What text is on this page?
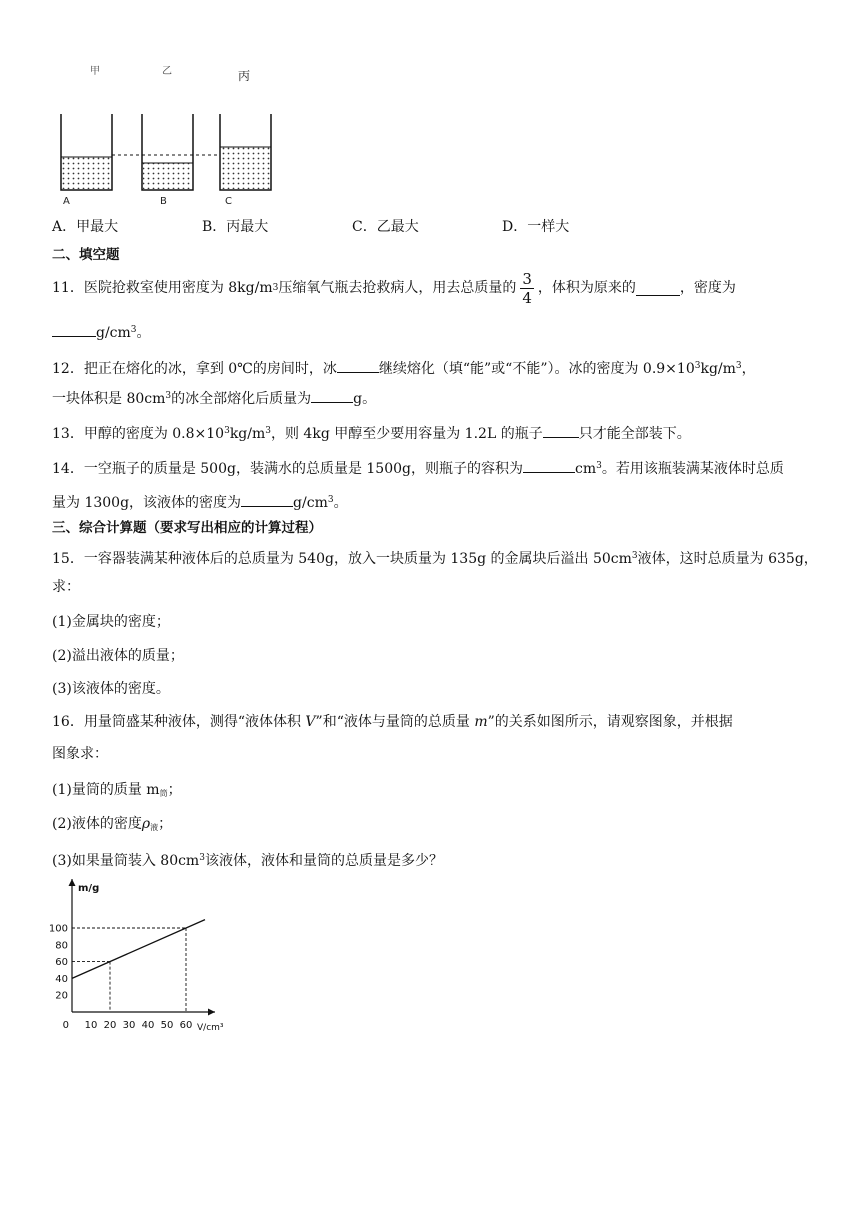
甲	乙	丙
A	B	C
A．甲最大	B．丙最大	C．乙最大	D．一样大
二、填空题
11．医院抢救室使用密度为 8kg/m 3 压缩氧气瓶去抢救病人，用去总质量的 $\frac{3}{4}$ ，体积为原来的	，密度为
$g/cm^3$。
12．把正在熔化的冰，拿到 0℃的房间时，冰	继续熔化（填“能”或“不能”）。冰的密度为 $0.9\times 10^3kg/m^3$，
一块体积是 $80cm^3$的冰全部熔化后质量为	g。
13．甲醇的密度为 $0.8\times 10^3kg/m^3$，则 4kg 甲醇至少要用容量为 1.2L 的瓶子	只才能全部装下。
14．一空瓶子的质量是 500g，装满水的总质量是 1500g，则瓶子的容积为	$cm^3$。若用该瓶装满某液体时总质
量为 1300g，该液体的密度为	$g/cm^3$。
三、综合计算题（要求写出相应的计算过程）
15．一容器装满某种液体后的总质量为 540g，放入一块质量为 135g 的金属块后溢出 $50cm^3$液体，这时总质量为 635g，
求：
(1)金属块的密度；
(2)溢出液体的质量；
(3)该液体的密度。
16．用量筒盛某种液体，测得“液体体积 V”和“液体与量筒的总质量 m”的关系如图所示，请观察图象，并根据
图象求：
(1)量筒的质量 $m_筒$；
(2)液体的密度$\rho_液$；
(3)如果量筒装入 $80cm^3$该液体，液体和量筒的总质量是多少？
m/g
V/cm³
0 10 20 30 40 50 60
20
40
60
80
100
